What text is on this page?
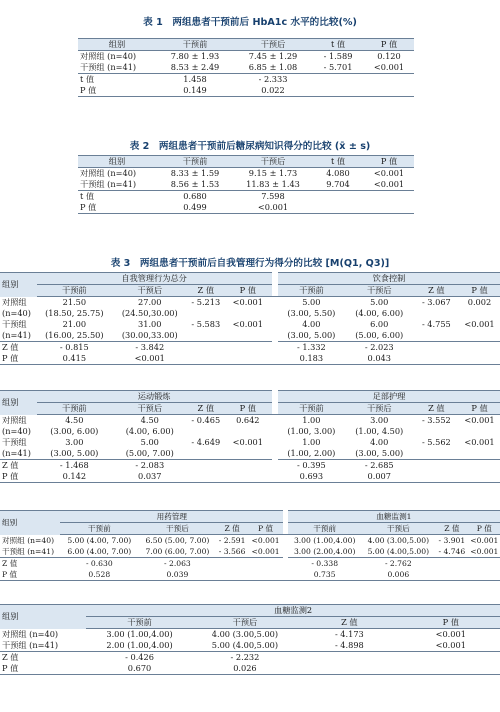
表 1　两组患者干预前后 HbA1c 水平的比较(%)
组别	干预前	干预后	t 值	P 值
对照组 (n=40)	7.80 ± 1.93	7.45 ± 1.29	- 1.589	0.120
干预组 (n=41)	8.53 ± 2.49	6.85 ± 1.08	- 5.701	<0.001
t 值	1.458	- 2.333		
P 值	0.149	0.022		
表 2　两组患者干预前后糖尿病知识得分的比较 (x̄ ± s)
组别	干预前	干预后	t 值	P 值
对照组 (n=40)	8.33 ± 1.59	9.15 ± 1.73	4.080	<0.001
干预组 (n=41)	8.56 ± 1.53	11.83 ± 1.43	9.704	<0.001
t 值	0.680	7.598		
P 值	0.499	<0.001		
表 3　两组患者干预前后自我管理行为得分的比较 [M(Q1, Q3)]
组别	自我管理行为总分					饮食控制			
	干预前	干预后	Z 值	P 值		干预前	干预后	Z 值	P 值
对照组	21.50	27.00	- 5.213	<0.001		5.00	5.00	- 3.067	0.002
(n=40)	(18.50, 25.75)	(24.50,30.00)				(3.00, 5.50)	(4.00, 6.00)		
干预组	21.00	31.00	- 5.583	<0.001		4.00	6.00	- 4.755	<0.001
(n=41)	(16.00, 25.50)	(30.00,33.00)				(3.00, 5.00)	(5.00, 6.00)		
Z 值	- 0.815	- 3.842				- 1.332	- 2.023		
P 值	0.415	<0.001				0.183	0.043		
组别	运动锻炼					足部护理			
	干预前	干预后	Z 值	P 值		干预前	干预后	Z 值	P 值
对照组	4.50	4.50	- 0.465	0.642		1.00	3.00	- 3.552	<0.001
(n=40)	(3.00, 6.00)	(4.00, 6.00)				(1.00, 3.00)	(1.00, 4.50)		
干预组	3.00	5.00	- 4.649	<0.001		1.00	4.00	- 5.562	<0.001
(n=41)	(3.00, 5.00)	(5.00, 7.00)				(1.00, 2.00)	(3.00, 5.00)		
Z 值	- 1.468	- 2.083				- 0.395	- 2.685		
P 值	0.142	0.037				0.693	0.007		
组别	用药管理					血糖监测1			
	干预前	干预后	Z 值	P 值		干预前	干预后	Z 值	P 值
对照组 (n=40)	5.00 (4.00, 7.00)	6.50 (5.00, 7.00)	- 2.591	<0.001		3.00 (1.00,4.00)	4.00 (3.00,5.00)	- 3.901	<0.001
干预组 (n=41)	6.00 (4.00, 7.00)	7.00 (6.00, 7.00)	- 3.566	<0.001		3.00 (2.00,4.00)	5.00 (4.00,5.00)	- 4.746	<0.001
Z 值	- 0.630	- 2.063				- 0.338	- 2.762		
P 值	0.528	0.039				0.735	0.006		
组别	血糖监测2			
	干预前	干预后	Z 值	P 值
对照组 (n=40)	3.00 (1.00,4.00)	4.00 (3.00,5.00)	- 4.173	<0.001
干预组 (n=41)	2.00 (1.00,4.00)	5.00 (4.00,5.00)	- 4.898	<0.001
Z 值	- 0.426	- 2.232		
P 值	0.670	0.026		
